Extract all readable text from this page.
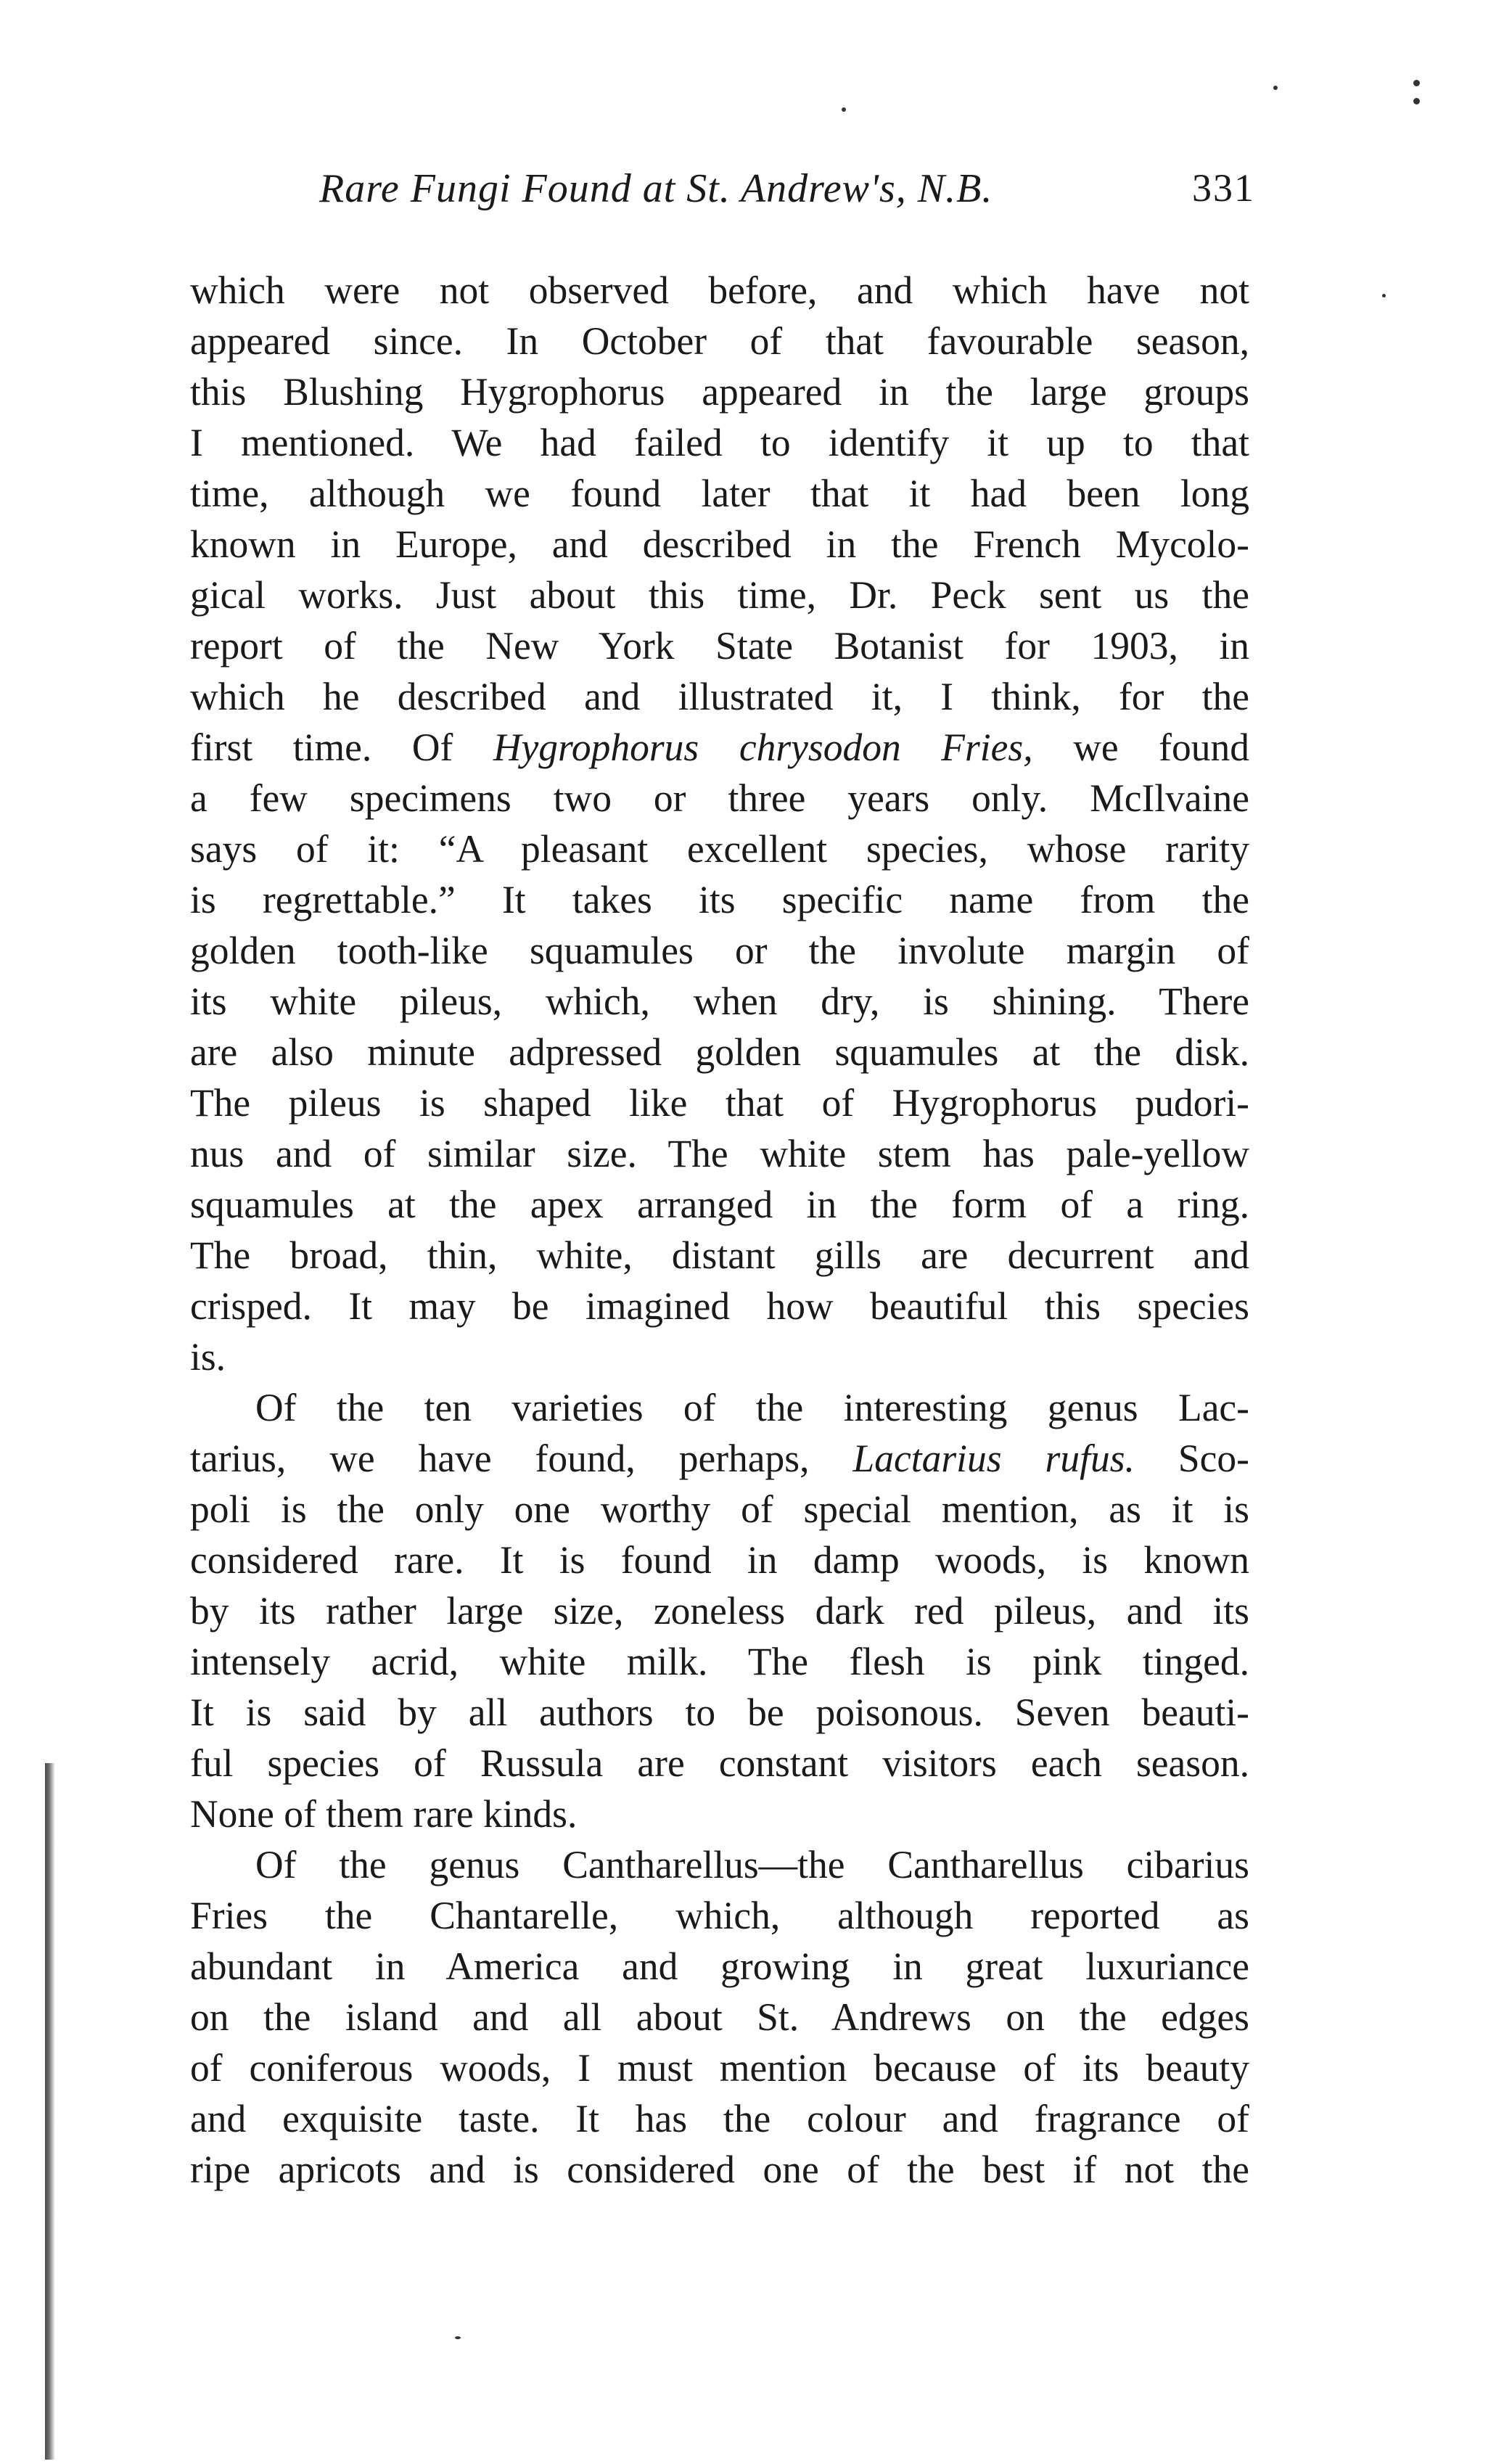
Rare Fungi Found at St. Andrew's, N.B.	331
which were not observed before, and which have not
appeared since. In October of that favourable season,
this Blushing Hygrophorus appeared in the large groups
I mentioned. We had failed to identify it up to that
time, although we found later that it had been long
known in Europe, and described in the French Mycolo-
gical works. Just about this time, Dr. Peck sent us the
report of the New York State Botanist for 1903, in
which he described and illustrated it, I think, for the
first time. Of Hygrophorus chrysodon Fries, we found
a few specimens two or three years only. McIlvaine
says of it: “A pleasant excellent species, whose rarity
is regrettable.” It takes its specific name from the
golden tooth-like squamules or the involute margin of
its white pileus, which, when dry, is shining. There
are also minute adpressed golden squamules at the disk.
The pileus is shaped like that of Hygrophorus pudori-
nus and of similar size. The white stem has pale-yellow
squamules at the apex arranged in the form of a ring.
The broad, thin, white, distant gills are decurrent and
crisped. It may be imagined how beautiful this species
is.
Of the ten varieties of the interesting genus Lac-
tarius, we have found, perhaps, Lactarius rufus. Sco-
poli is the only one worthy of special mention, as it is
considered rare. It is found in damp woods, is known
by its rather large size, zoneless dark red pileus, and its
intensely acrid, white milk. The flesh is pink tinged.
It is said by all authors to be poisonous. Seven beauti-
ful species of Russula are constant visitors each season.
None of them rare kinds.
Of the genus Cantharellus—the Cantharellus cibarius
Fries the Chantarelle, which, although reported as
abundant in America and growing in great luxuriance
on the island and all about St. Andrews on the edges
of coniferous woods, I must mention because of its beauty
and exquisite taste. It has the colour and fragrance of
ripe apricots and is considered one of the best if not the
